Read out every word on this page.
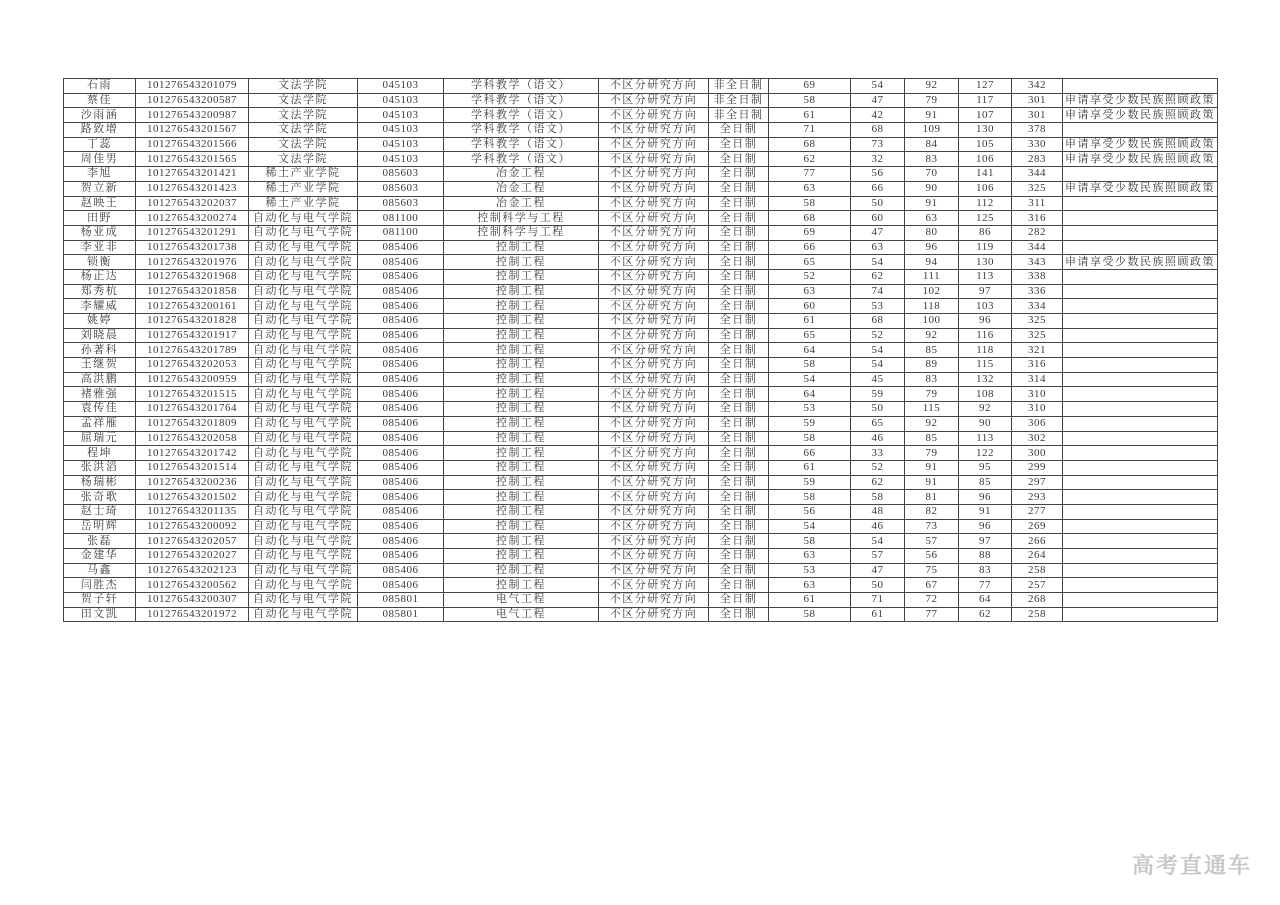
石雨	101276543201079	文法学院	045103	学科教学（语文）	不区分研究方向	非全日制	69	54	92	127	342	
蔡佳	101276543200587	文法学院	045103	学科教学（语文）	不区分研究方向	非全日制	58	47	79	117	301	申请享受少数民族照顾政策
沙雨涵	101276543200987	文法学院	045103	学科教学（语文）	不区分研究方向	非全日制	61	42	91	107	301	申请享受少数民族照顾政策
路致增	101276543201567	文法学院	045103	学科教学（语文）	不区分研究方向	全日制	71	68	109	130	378	
丁蕊	101276543201566	文法学院	045103	学科教学（语文）	不区分研究方向	全日制	68	73	84	105	330	申请享受少数民族照顾政策
周佳男	101276543201565	文法学院	045103	学科教学（语文）	不区分研究方向	全日制	62	32	83	106	283	申请享受少数民族照顾政策
李旭	101276543201421	稀土产业学院	085603	冶金工程	不区分研究方向	全日制	77	56	70	141	344	
贺立新	101276543201423	稀土产业学院	085603	冶金工程	不区分研究方向	全日制	63	66	90	106	325	申请享受少数民族照顾政策
赵映王	101276543202037	稀土产业学院	085603	冶金工程	不区分研究方向	全日制	58	50	91	112	311	
田野	101276543200274	自动化与电气学院	081100	控制科学与工程	不区分研究方向	全日制	68	60	63	125	316	
杨亚成	101276543201291	自动化与电气学院	081100	控制科学与工程	不区分研究方向	全日制	69	47	80	86	282	
李亚非	101276543201738	自动化与电气学院	085406	控制工程	不区分研究方向	全日制	66	63	96	119	344	
锁衡	101276543201976	自动化与电气学院	085406	控制工程	不区分研究方向	全日制	65	54	94	130	343	申请享受少数民族照顾政策
杨正达	101276543201968	自动化与电气学院	085406	控制工程	不区分研究方向	全日制	52	62	111	113	338	
郑秀杭	101276543201858	自动化与电气学院	085406	控制工程	不区分研究方向	全日制	63	74	102	97	336	
李耀威	101276543200161	自动化与电气学院	085406	控制工程	不区分研究方向	全日制	60	53	118	103	334	
姚婷	101276543201828	自动化与电气学院	085406	控制工程	不区分研究方向	全日制	61	68	100	96	325	
刘晓晨	101276543201917	自动化与电气学院	085406	控制工程	不区分研究方向	全日制	65	52	92	116	325	
孙著科	101276543201789	自动化与电气学院	085406	控制工程	不区分研究方向	全日制	64	54	85	118	321	
王继贺	101276543202053	自动化与电气学院	085406	控制工程	不区分研究方向	全日制	58	54	89	115	316	
高洪鹏	101276543200959	自动化与电气学院	085406	控制工程	不区分研究方向	全日制	54	45	83	132	314	
褚雅强	101276543201515	自动化与电气学院	085406	控制工程	不区分研究方向	全日制	64	59	79	108	310	
袁传佳	101276543201764	自动化与电气学院	085406	控制工程	不区分研究方向	全日制	53	50	115	92	310	
孟祥雁	101276543201809	自动化与电气学院	085406	控制工程	不区分研究方向	全日制	59	65	92	90	306	
屈瑞元	101276543202058	自动化与电气学院	085406	控制工程	不区分研究方向	全日制	58	46	85	113	302	
程坤	101276543201742	自动化与电气学院	085406	控制工程	不区分研究方向	全日制	66	33	79	122	300	
张洪滔	101276543201514	自动化与电气学院	085406	控制工程	不区分研究方向	全日制	61	52	91	95	299	
杨瑞彬	101276543200236	自动化与电气学院	085406	控制工程	不区分研究方向	全日制	59	62	91	85	297	
张奇歌	101276543201502	自动化与电气学院	085406	控制工程	不区分研究方向	全日制	58	58	81	96	293	
赵士琦	101276543201135	自动化与电气学院	085406	控制工程	不区分研究方向	全日制	56	48	82	91	277	
岳明辉	101276543200092	自动化与电气学院	085406	控制工程	不区分研究方向	全日制	54	46	73	96	269	
张磊	101276543202057	自动化与电气学院	085406	控制工程	不区分研究方向	全日制	58	54	57	97	266	
金建华	101276543202027	自动化与电气学院	085406	控制工程	不区分研究方向	全日制	63	57	56	88	264	
马鑫	101276543202123	自动化与电气学院	085406	控制工程	不区分研究方向	全日制	53	47	75	83	258	
闫胜杰	101276543200562	自动化与电气学院	085406	控制工程	不区分研究方向	全日制	63	50	67	77	257	
贺子轩	101276543200307	自动化与电气学院	085801	电气工程	不区分研究方向	全日制	61	71	72	64	268	
田文凯	101276543201972	自动化与电气学院	085801	电气工程	不区分研究方向	全日制	58	61	77	62	258	
高考直通车
